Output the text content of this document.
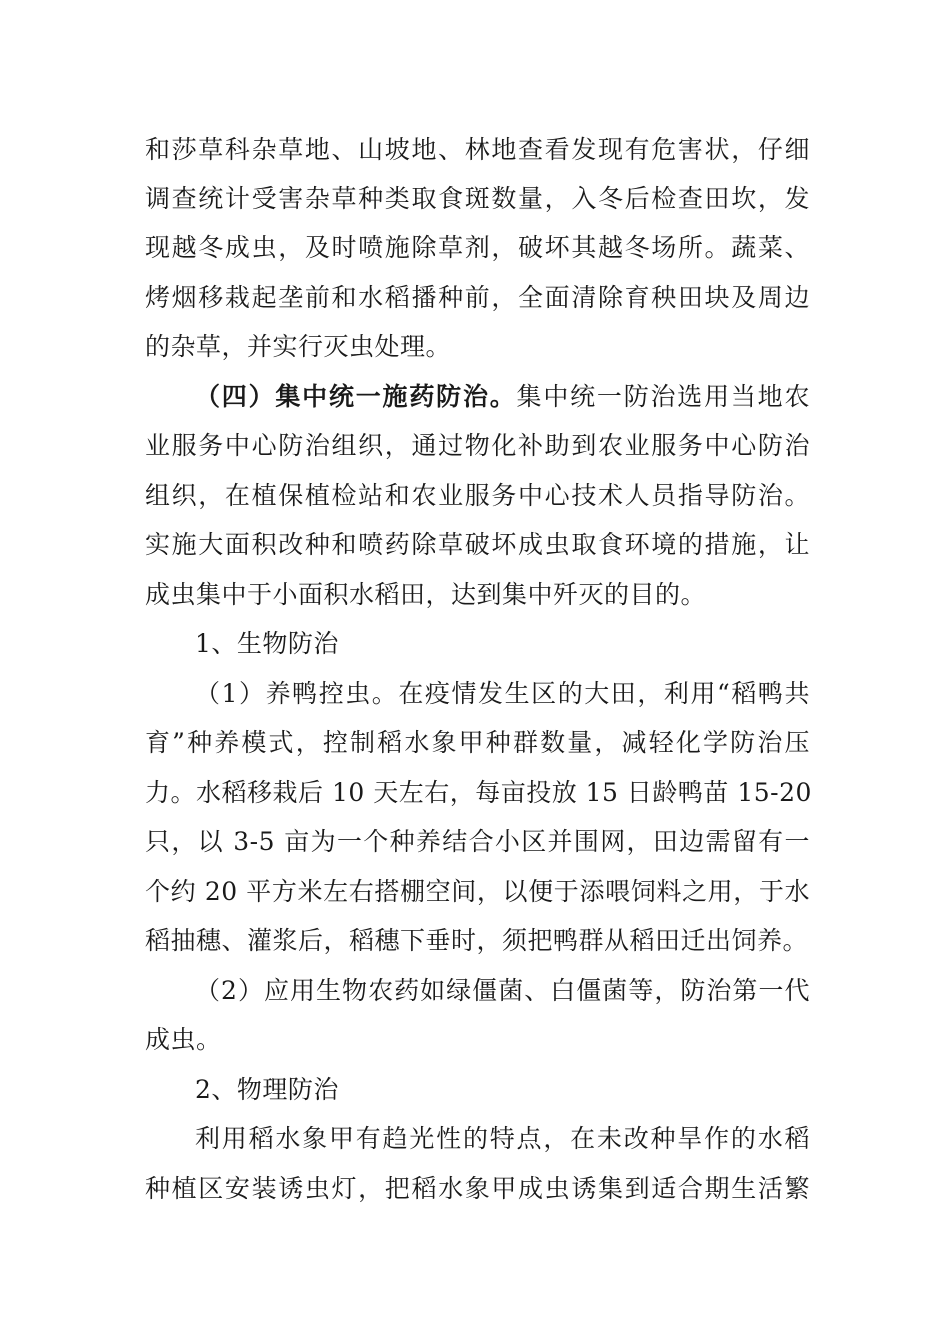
和莎草科杂草地、山坡地、林地查看发现有危害状，仔细
调查统计受害杂草种类取食斑数量，入冬后检查田坎，发
现越冬成虫，及时喷施除草剂，破坏其越冬场所。蔬菜、
烤烟移栽起垄前和水稻播种前，全面清除育秧田块及周边
的杂草，并实行灭虫处理。
（四）集中统一施药防治。集中统一防治选用当地农
业服务中心防治组织，通过物化补助到农业服务中心防治
组织，在植保植检站和农业服务中心技术人员指导防治。
实施大面积改种和喷药除草破坏成虫取食环境的措施，让
成虫集中于小面积水稻田，达到集中歼灭的目的。
1、生物防治
（1）养鸭控虫。在疫情发生区的大田，利用“稻鸭共
育”种养模式，控制稻水象甲种群数量，减轻化学防治压
力。水稻移栽后 10 天左右，每亩投放 15 日龄鸭苗 15-20
只，以 3-5 亩为一个种养结合小区并围网，田边需留有一
个约 20 平方米左右搭棚空间，以便于添喂饲料之用，于水
稻抽穗、灌浆后，稻穗下垂时，须把鸭群从稻田迁出饲养。
（2）应用生物农药如绿僵菌、白僵菌等，防治第一代
成虫。
2、物理防治
利用稻水象甲有趋光性的特点，在未改种旱作的水稻
种植区安装诱虫灯，把稻水象甲成虫诱集到适合期生活繁
